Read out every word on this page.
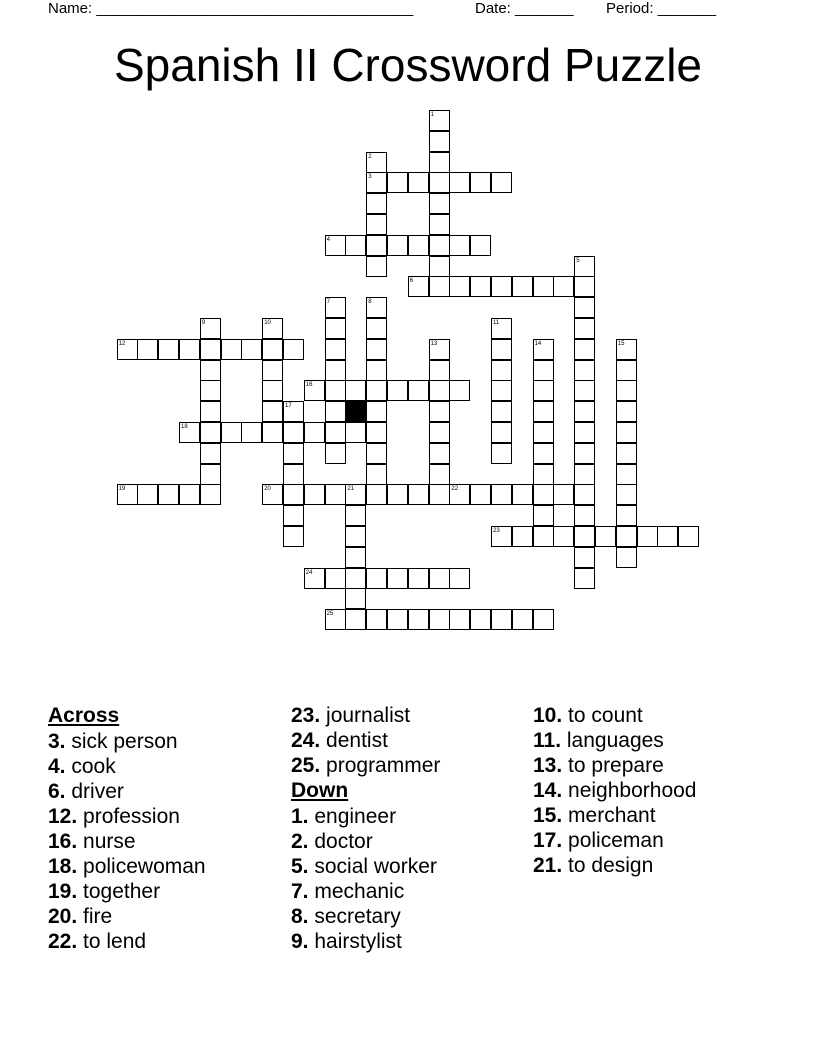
Name: ______________________________________	Date: _______ Period: _______
Spanish II Crossword Puzzle
1
2
3
4
5
6
7	8
9	10	11
12	13	14	15
16
17
18
19	20	21	22
23
24
25
Across
3. sick person
4. cook
6. driver
12. profession
16. nurse
18. policewoman
19. together
20. fire
22. to lend
23. journalist
24. dentist
25. programmer
Down
1. engineer
2. doctor
5. social worker
7. mechanic
8. secretary
9. hairstylist
10. to count
11. languages
13. to prepare
14. neighborhood
15. merchant
17. policeman
21. to design
